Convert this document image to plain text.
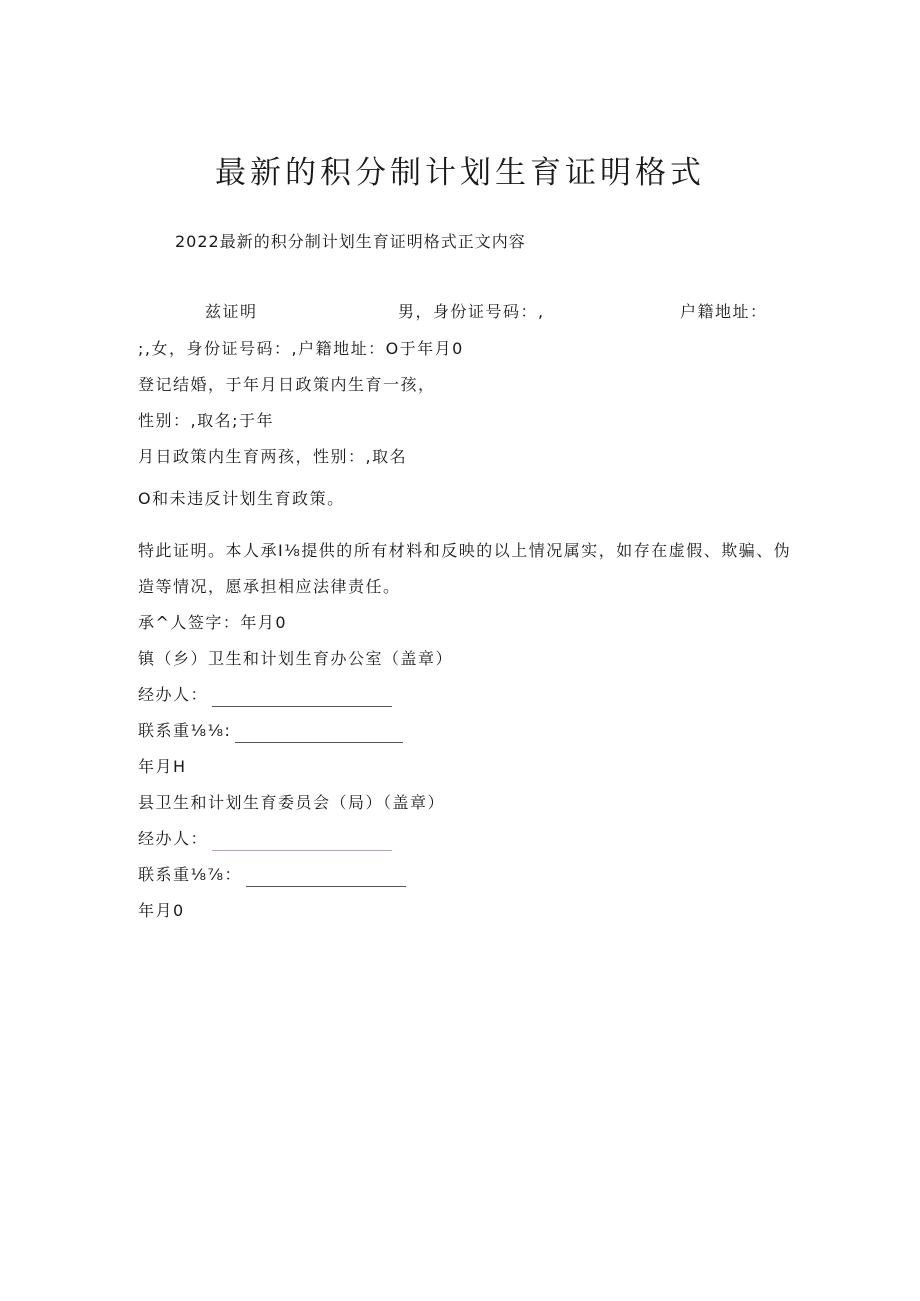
最新的积分制计划生育证明格式
2022最新的积分制计划生育证明格式正文内容
兹证明	男，身份证号码：,	户籍地址：
;,女，身份证号码：,户籍地址：O于年月0
登记结婚，于年月日政策内生育一孩，
性别：,取名;于年
月日政策内生育两孩，性别：,取名
O和未违反计划生育政策。
特此证明。本人承I⅛提供的所有材料和反映的以上情况属实，如存在虚假、欺骗、伪
造等情况，愿承担相应法律责任。
承^人签字：年月0
镇（乡）卫生和计划生育办公室（盖章）
经办人：
联系重⅛⅛:
年月H
县卫生和计划生育委员会（局）（盖章）
经办人：
联系重⅛⅞：
年月0
